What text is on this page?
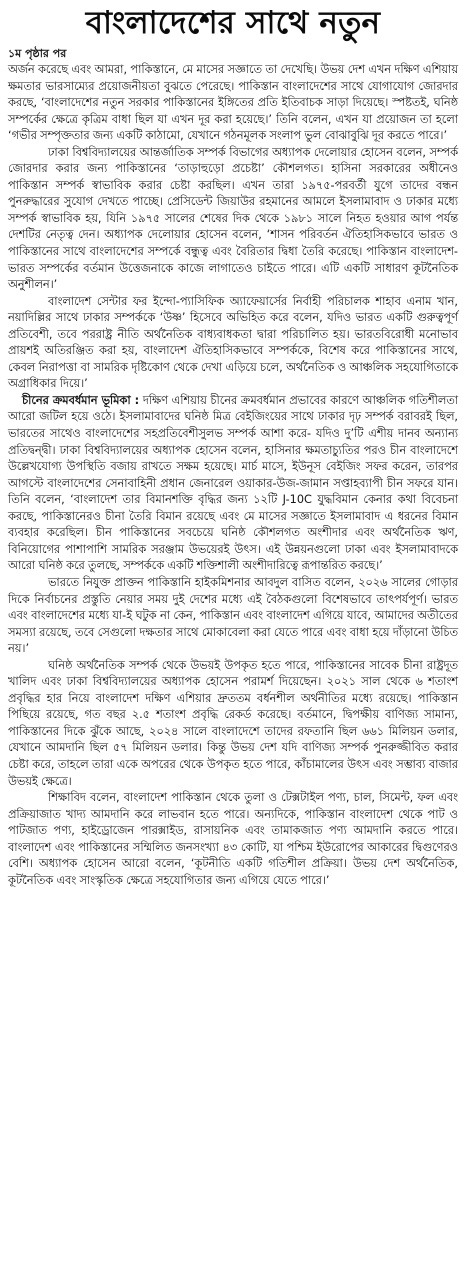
বাংলাদেশের সাথে নতুন
১ম পৃষ্ঠার পর

অর্জন করেছে এবং আমরা, পাকিস্তানে, মে মাসের সজ্ঞাতে তা দেখেছি। উভয় দেশ এখন দক্ষিণ এশিয়ায় ক্ষমতার ভারসাম্যের প্রয়োজনীয়তা বুঝতে পেরেছে। পাকিস্তান বাংলাদেশের সাথে যোগাযোগ জোরদার করছে, ‘বাংলাদেশের নতুন সরকার পাকিস্তানের ইঙ্গিতের প্রতি ইতিবাচক সাড়া দিয়েছে। স্পষ্টতই, ঘনিষ্ঠ সম্পর্কের ক্ষেত্রে কৃত্রিম বাধা ছিল যা এখন দূর করা হয়েছে।’ তিনি বলেন, এখন যা প্রয়োজন তা হলো ‘গভীর সম্পৃক্ততার জন্য একটি কাঠামো, যেখানে গঠনমূলক সংলাপ ভুল বোঝাবুঝি দূর করতে পারে।’

ঢাকা বিশ্ববিদ্যালয়ের আন্তর্জাতিক সম্পর্ক বিভাগের অধ্যাপক দেলোয়ার হোসেন বলেন, সম্পর্ক জোরদার করার জন্য পাকিস্তানের ‘তাড়াহুড়ো প্রচেষ্টা’ কৌশলগত। হাসিনা সরকারের অধীনেও পাকিস্তান সম্পর্ক স্বাভাবিক করার চেষ্টা করছিল। এখন তারা ১৯৭৫-পরবর্তী যুগে তাদের বন্ধন পুনরুদ্ধারের সুযোগ দেখতে পাচ্ছে। প্রেসিডেন্ট জিয়াউর রহমানের আমলে ইসলামাবাদ ও ঢাকার মধ্যে সম্পর্ক স্বাভাবিক হয়, যিনি ১৯৭৫ সালের শেষের দিক থেকে ১৯৮১ সালে নিহত হওয়ার আগ পর্যন্ত দেশটির নেতৃত্ব দেন। অধ্যাপক দেলোয়ার হোসেন বলেন, ‘শাসন পরিবর্তন ঐতিহাসিকভাবে ভারত ও পাকিস্তানের সাথে বাংলাদেশের সম্পর্কে বন্ধুত্ব এবং বৈরিতার দ্বিধা তৈরি করেছে। পাকিস্তান বাংলাদেশ-ভারত সম্পর্কের বর্তমান উত্তেজনাকে কাজে লাগাতেও চাইতে পারে। এটি একটি সাধারণ কূটনৈতিক অনুশীলন।’

বাংলাদেশ সেন্টার ফর ইন্দো-প্যাসিফিক অ্যাফেয়ার্সের নির্বাহী পরিচালক শাহাব এনাম খান, নয়াদিল্লির সাথে ঢাকার সম্পর্ককে ‘উষ্ণ’ হিসেবে অভিহিত করে বলেন, যদিও ভারত একটি গুরুত্বপূর্ণ প্রতিবেশী, তবে পররাষ্ট্র নীতি অর্থনৈতিক বাধ্যবাধকতা দ্বারা পরিচালিত হয়। ভারতবিরোধী মনোভাব প্রায়শই অতিরঞ্জিত করা হয়, বাংলাদেশ ঐতিহাসিকভাবে সম্পর্ককে, বিশেষ করে পাকিস্তানের সাথে, কেবল নিরাপত্তা বা সামরিক দৃষ্টিকোণ থেকে দেখা এড়িয়ে চলে, অর্থনৈতিক ও আঞ্চলিক সহযোগিতাকে অগ্রাধিকার দিয়ে।’

চীনের ক্রমবর্ধমান ভূমিকা : দক্ষিণ এশিয়ায় চীনের ক্রমবর্ধমান প্রভাবের কারণে আঞ্চলিক গতিশীলতা আরো জটিল হয়ে ওঠে। ইসলামাবাদের ঘনিষ্ঠ মিত্র বেইজিংয়ের সাথে ঢাকার দৃঢ় সম্পর্ক বরাবরই ছিল, ভারতের সাথেও বাংলাদেশের সহপ্রতিবেশীসুলভ সম্পর্ক আশা করে- যদিও দু’টি এশীয় দানব অন্যান্য প্রতিদ্বন্দ্বী। ঢাকা বিশ্ববিদ্যালয়ের অধ্যাপক হোসেন বলেন, হাসিনার ক্ষমতাচ্যুতির পরও চীন বাংলাদেশে উল্লেখযোগ্য উপস্থিতি বজায় রাখতে সক্ষম হয়েছে। মার্চ মাসে, ইউনূস বেইজিং সফর করেন, তারপর আগস্টে বাংলাদেশের সেনাবাহিনী প্রধান জেনারেল ওয়াকার-উজ-জামান সপ্তাহব্যাপী চীন সফরে যান। তিনি বলেন, ‘বাংলাদেশ তার বিমানশক্তি বৃদ্ধির জন্য ১২টি J-10C যুদ্ধবিমান কেনার কথা বিবেচনা করছে, পাকিস্তানেরও চীনা তৈরি বিমান রয়েছে এবং মে মাসের সজ্ঞাতে ইসলামাবাদ এ ধরনের বিমান ব্যবহার করেছিল। চীন পাকিস্তানের সবচেয়ে ঘনিষ্ঠ কৌশলগত অংশীদার এবং অর্থনৈতিক ঋণ, বিনিয়োগের পাশাপাশি সামরিক সরঞ্জাম উভয়েরই উৎস। এই উন্নয়নগুলো ঢাকা এবং ইসলামাবাদকে আরো ঘনিষ্ঠ করে তুলছে, সম্পর্ককে একটি শক্তিশালী অংশীদারিত্বে রূপান্তরিত করছে।’

ভারতে নিযুক্ত প্রাক্তন পাকিস্তানি হাইকমিশনার আবদুল বাসিত বলেন, ২০২৬ সালের গোড়ার দিকে নির্বাচনের প্রস্তুতি নেয়ার সময় দুই দেশের মধ্যে এই বৈঠকগুলো বিশেষভাবে তাৎপর্যপূর্ণ। ভারত এবং বাংলাদেশের মধ্যে যা-ই ঘটুক না কেন, পাকিস্তান এবং বাংলাদেশ এগিয়ে যাবে, আমাদের অতীতের সমস্যা রয়েছে, তবে সেগুলো দক্ষতার সাথে মোকাবেলা করা যেতে পারে এবং বাধা হয়ে দাঁড়ানো উচিত নয়।’

ঘনিষ্ঠ অর্থনৈতিক সম্পর্ক থেকে উভয়ই উপকৃত হতে পারে, পাকিস্তানের সাবেক চীনা রাষ্ট্রদূত খালিদ এবং ঢাকা বিশ্ববিদ্যালয়ের অধ্যাপক হোসেন পরামর্শ দিয়েছেন। ২০২১ সাল থেকে ৬ শতাংশ প্রবৃদ্ধির হার নিয়ে বাংলাদেশ দক্ষিণ এশিয়ার দ্রুততম বর্ধনশীল অর্থনীতির মধ্যে রয়েছে। পাকিস্তান পিছিয়ে রয়েছে, গত বছর ২.৫ শতাংশ প্রবৃদ্ধি রেকর্ড করেছে। বর্তমানে, দ্বিপক্ষীয় বাণিজ্য সামান্য, পাকিস্তানের দিকে ঝুঁকে আছে, ২০২৪ সালে বাংলাদেশে তাদের রফতানি ছিল ৬৬১ মিলিয়ন ডলার, যেখানে আমদানি ছিল ৫৭ মিলিয়ন ডলার। কিন্তু উভয় দেশ যদি বাণিজ্য সম্পর্ক পুনরুজ্জীবিত করার চেষ্টা করে, তাহলে তারা একে অপরের থেকে উপকৃত হতে পারে, কাঁচামালের উৎস এবং সম্ভাব্য বাজার উভয়ই ক্ষেত্রে।

শিক্ষাবিদ বলেন, বাংলাদেশ পাকিস্তান থেকে তুলা ও টেক্সটাইল পণ্য, চাল, সিমেন্ট, ফল এবং প্রক্রিয়াজাত খাদ্য আমদানি করে লাভবান হতে পারে। অন্যদিকে, পাকিস্তান বাংলাদেশ থেকে পাট ও পাটজাত পণ্য, হাইড্রোজেন পারক্সাইড, রাসায়নিক এবং তামাকজাত পণ্য আমদানি করতে পারে। বাংলাদেশ এবং পাকিস্তানের সম্মিলিত জনসংখ্যা ৪৩ কোটি, যা পশ্চিম ইউরোপের আকারের দ্বিগুণেরও বেশি। অধ্যাপক হোসেন আরো বলেন, ‘কূটনীতি একটি গতিশীল প্রক্রিয়া। উভয় দেশ অর্থনৈতিক, কূটনৈতিক এবং সাংস্কৃতিক ক্ষেত্রে সহযোগিতার জন্য এগিয়ে যেতে পারে।’
